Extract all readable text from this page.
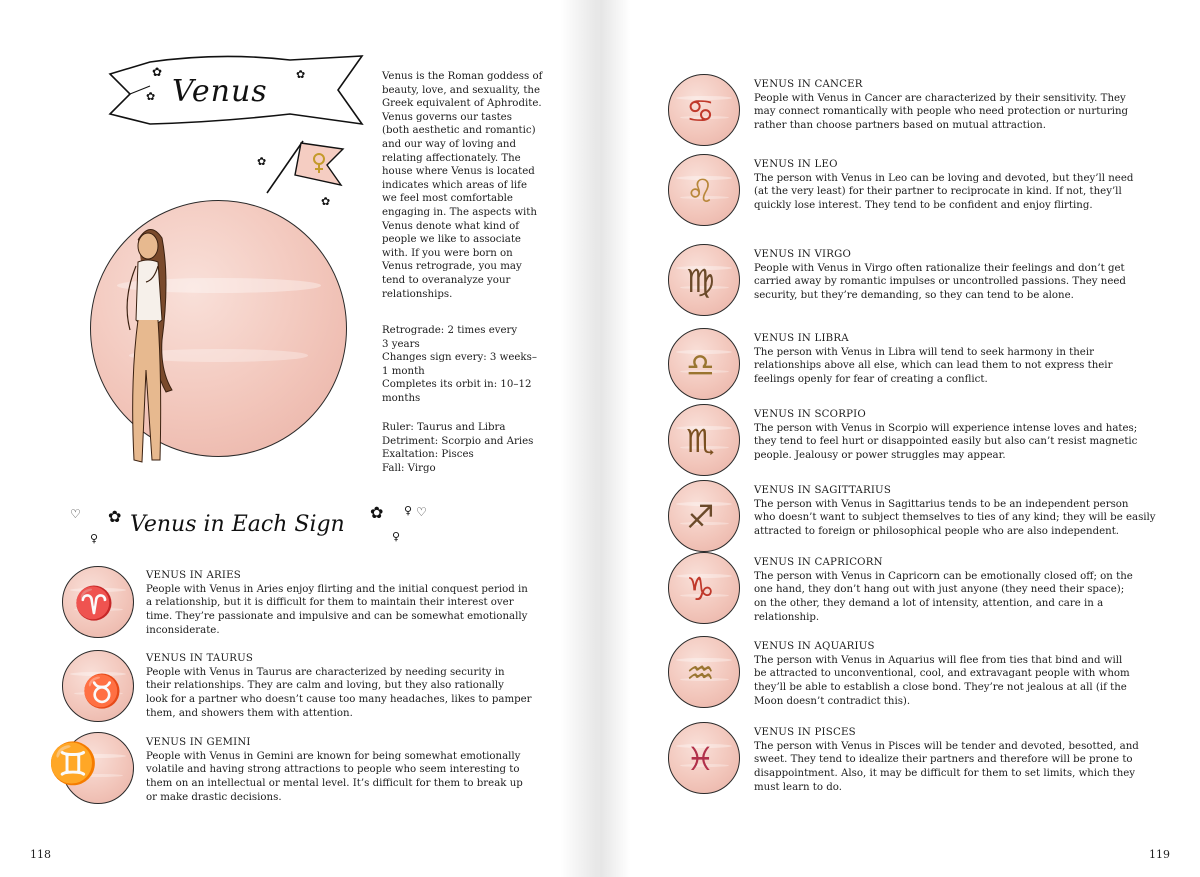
✿
✿
✿
Venus
✿
✿
Venus is the Roman goddess of
beauty, love, and sexuality, the
Greek equivalent of Aphrodite.
Venus governs our tastes
(both aesthetic and romantic)
and our way of loving and
relating affectionately. The
house where Venus is located
indicates which areas of life
we feel most comfortable
engaging in. The aspects with
Venus denote what kind of
people we like to associate
with. If you were born on
Venus retrograde, you may
tend to overanalyze your
relationships.
Retrograde: 2 times every
3 years
Changes sign every: 3 weeks–
1 month
Completes its orbit in: 10–12
months
Ruler: Taurus and Libra
Detriment: Scorpio and Aries
Exaltation: Pisces
Fall: Virgo
♡
♀
✿	✿
♀
♀ ♡
Venus in Each Sign
♈
VENUS IN ARIES
People with Venus in Aries enjoy flirting and the initial conquest period in
a relationship, but it is difficult for them to maintain their interest over
time. They’re passionate and impulsive and can be somewhat emotionally
inconsiderate.
♉
VENUS IN TAURUS
People with Venus in Taurus are characterized by needing security in
their relationships. They are calm and loving, but they also rationally
look for a partner who doesn’t cause too many headaches, likes to pamper
them, and showers them with attention.
♊	VENUS IN GEMINI
People with Venus in Gemini are known for being somewhat emotionally
volatile and having strong attractions to people who seem interesting to
them on an intellectual or mental level. It’s difficult for them to break up
or make drastic decisions.
118
♋
VENUS IN CANCER
People with Venus in Cancer are characterized by their sensitivity. They
may connect romantically with people who need protection or nurturing
rather than choose partners based on mutual attraction.
♌
VENUS IN LEO
The person with Venus in Leo can be loving and devoted, but they’ll need
(at the very least) for their partner to reciprocate in kind. If not, they’ll
quickly lose interest. They tend to be confident and enjoy flirting.
♍
VENUS IN VIRGO
People with Venus in Virgo often rationalize their feelings and don’t get
carried away by romantic impulses or uncontrolled passions. They need
security, but they’re demanding, so they can tend to be alone.
♎
VENUS IN LIBRA
The person with Venus in Libra will tend to seek harmony in their
relationships above all else, which can lead them to not express their
feelings openly for fear of creating a conflict.
♏
VENUS IN SCORPIO
The person with Venus in Scorpio will experience intense loves and hates;
they tend to feel hurt or disappointed easily but also can’t resist magnetic
people. Jealousy or power struggles may appear.
♐
VENUS IN SAGITTARIUS
The person with Venus in Sagittarius tends to be an independent person
who doesn’t want to subject themselves to ties of any kind; they will be easily
attracted to foreign or philosophical people who are also independent.
♑
VENUS IN CAPRICORN
The person with Venus in Capricorn can be emotionally closed off; on the
one hand, they don’t hang out with just anyone (they need their space);
on the other, they demand a lot of intensity, attention, and care in a
relationship.
♒
VENUS IN AQUARIUS
The person with Venus in Aquarius will flee from ties that bind and will
be attracted to unconventional, cool, and extravagant people with whom
they’ll be able to establish a close bond. They’re not jealous at all (if the
Moon doesn’t contradict this).
♓
VENUS IN PISCES
The person with Venus in Pisces will be tender and devoted, besotted, and
sweet. They tend to idealize their partners and therefore will be prone to
disappointment. Also, it may be difficult for them to set limits, which they
must learn to do.
119
